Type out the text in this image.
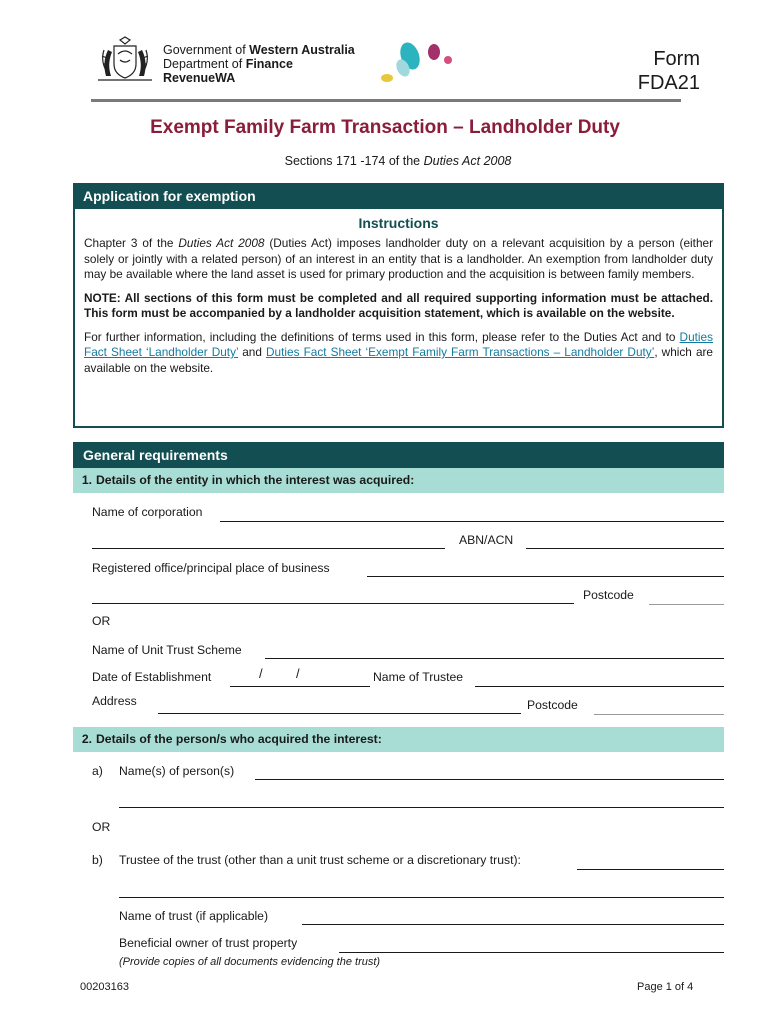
Government of Western Australia
Department of Finance
RevenueWA
Form
FDA21
Exempt Family Farm Transaction – Landholder Duty
Sections 171 -174 of the Duties Act 2008
Application for exemption
Instructions
Chapter 3 of the Duties Act 2008 (Duties Act) imposes landholder duty on a relevant acquisition by a person (either solely or jointly with a related person) of an interest in an entity that is a landholder. An exemption from landholder duty may be available where the land asset is used for primary production and the acquisition is between family members.
NOTE: All sections of this form must be completed and all required supporting information must be attached. This form must be accompanied by a landholder acquisition statement, which is available on the website.
For further information, including the definitions of terms used in this form, please refer to the Duties Act and to Duties Fact Sheet ‘Landholder Duty’ and Duties Fact Sheet ‘Exempt Family Farm Transactions – Landholder Duty’, which are available on the website.
General requirements
1. Details of the entity in which the interest was acquired:
Name of corporation
ABN/ACN
Registered office/principal place of business
Postcode
OR
Name of Unit Trust Scheme
Date of Establishment	/	/	Name of Trustee
Address	Postcode
2. Details of the person/s who acquired the interest:
a) Name(s) of person(s)
OR
b) Trustee of the trust (other than a unit trust scheme or a discretionary trust):
Name of trust (if applicable)
Beneficial owner of trust property
(Provide copies of all documents evidencing the trust)
00203163	Page 1 of 4
